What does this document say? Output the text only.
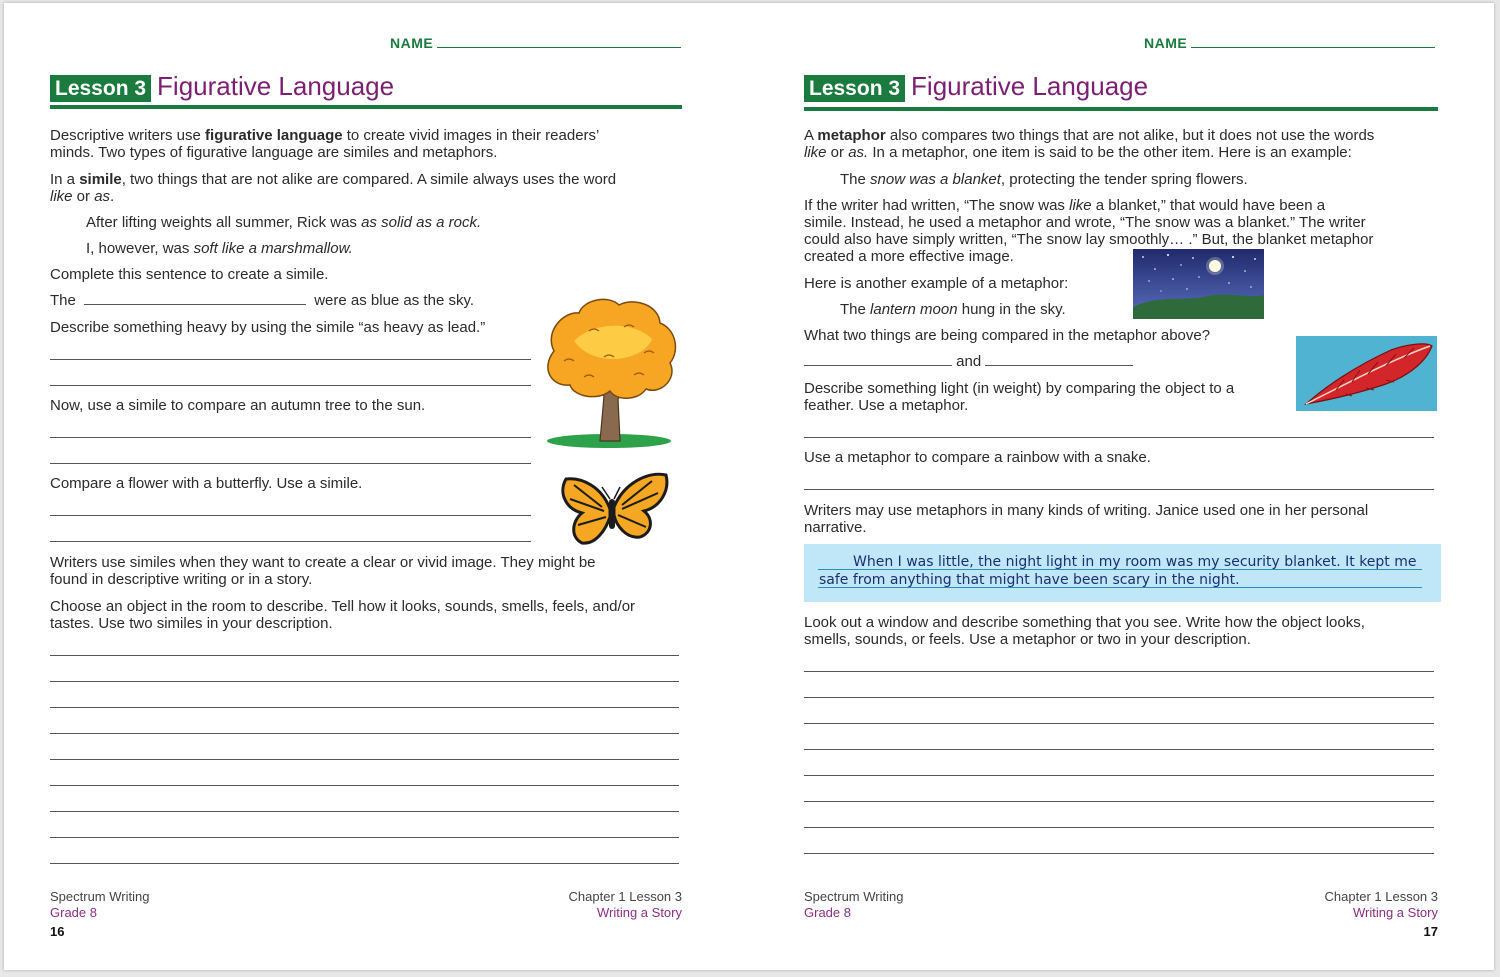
NAME
Lesson 3 Figurative Language
Descriptive writers use figurative language to create vivid images in their readers’
minds. Two types of figurative language are similes and metaphors.
In a simile, two things that are not alike are compared. A simile always uses the word
like or as.
After lifting weights all summer, Rick was as solid as a rock.
I, however, was soft like a marshmallow.
Complete this sentence to create a simile.
The	were as blue as the sky.
Describe something heavy by using the simile “as heavy as lead.”
Now, use a simile to compare an autumn tree to the sun.
Compare a flower with a butterfly. Use a simile.
Writers use similes when they want to create a clear or vivid image. They might be
found in descriptive writing or in a story.
Choose an object in the room to describe. Tell how it looks, sounds, smells, feels, and/or
tastes. Use two similes in your description.
Spectrum Writing
Grade 8
Chapter 1 Lesson 3
Writing a Story
16
NAME
Lesson 3 Figurative Language
A metaphor also compares two things that are not alike, but it does not use the words
like or as. In a metaphor, one item is said to be the other item. Here is an example:
The snow was a blanket, protecting the tender spring flowers.
If the writer had written, “The snow was like a blanket,” that would have been a
simile. Instead, he used a metaphor and wrote, “The snow was a blanket.” The writer
could also have simply written, “The snow lay smoothly… .” But, the blanket metaphor
created a more effective image.
Here is another example of a metaphor:
The lantern moon hung in the sky.
What two things are being compared in the metaphor above?
and
Describe something light (in weight) by comparing the object to a
feather. Use a metaphor.
Use a metaphor to compare a rainbow with a snake.
Writers may use metaphors in many kinds of writing. Janice used one in her personal
narrative.
When I was little, the night light in my room was my security blanket. It kept me
safe from anything that might have been scary in the night.
Look out a window and describe something that you see. Write how the object looks,
smells, sounds, or feels. Use a metaphor or two in your description.
Spectrum Writing
Grade 8
Chapter 1 Lesson 3
Writing a Story
17
